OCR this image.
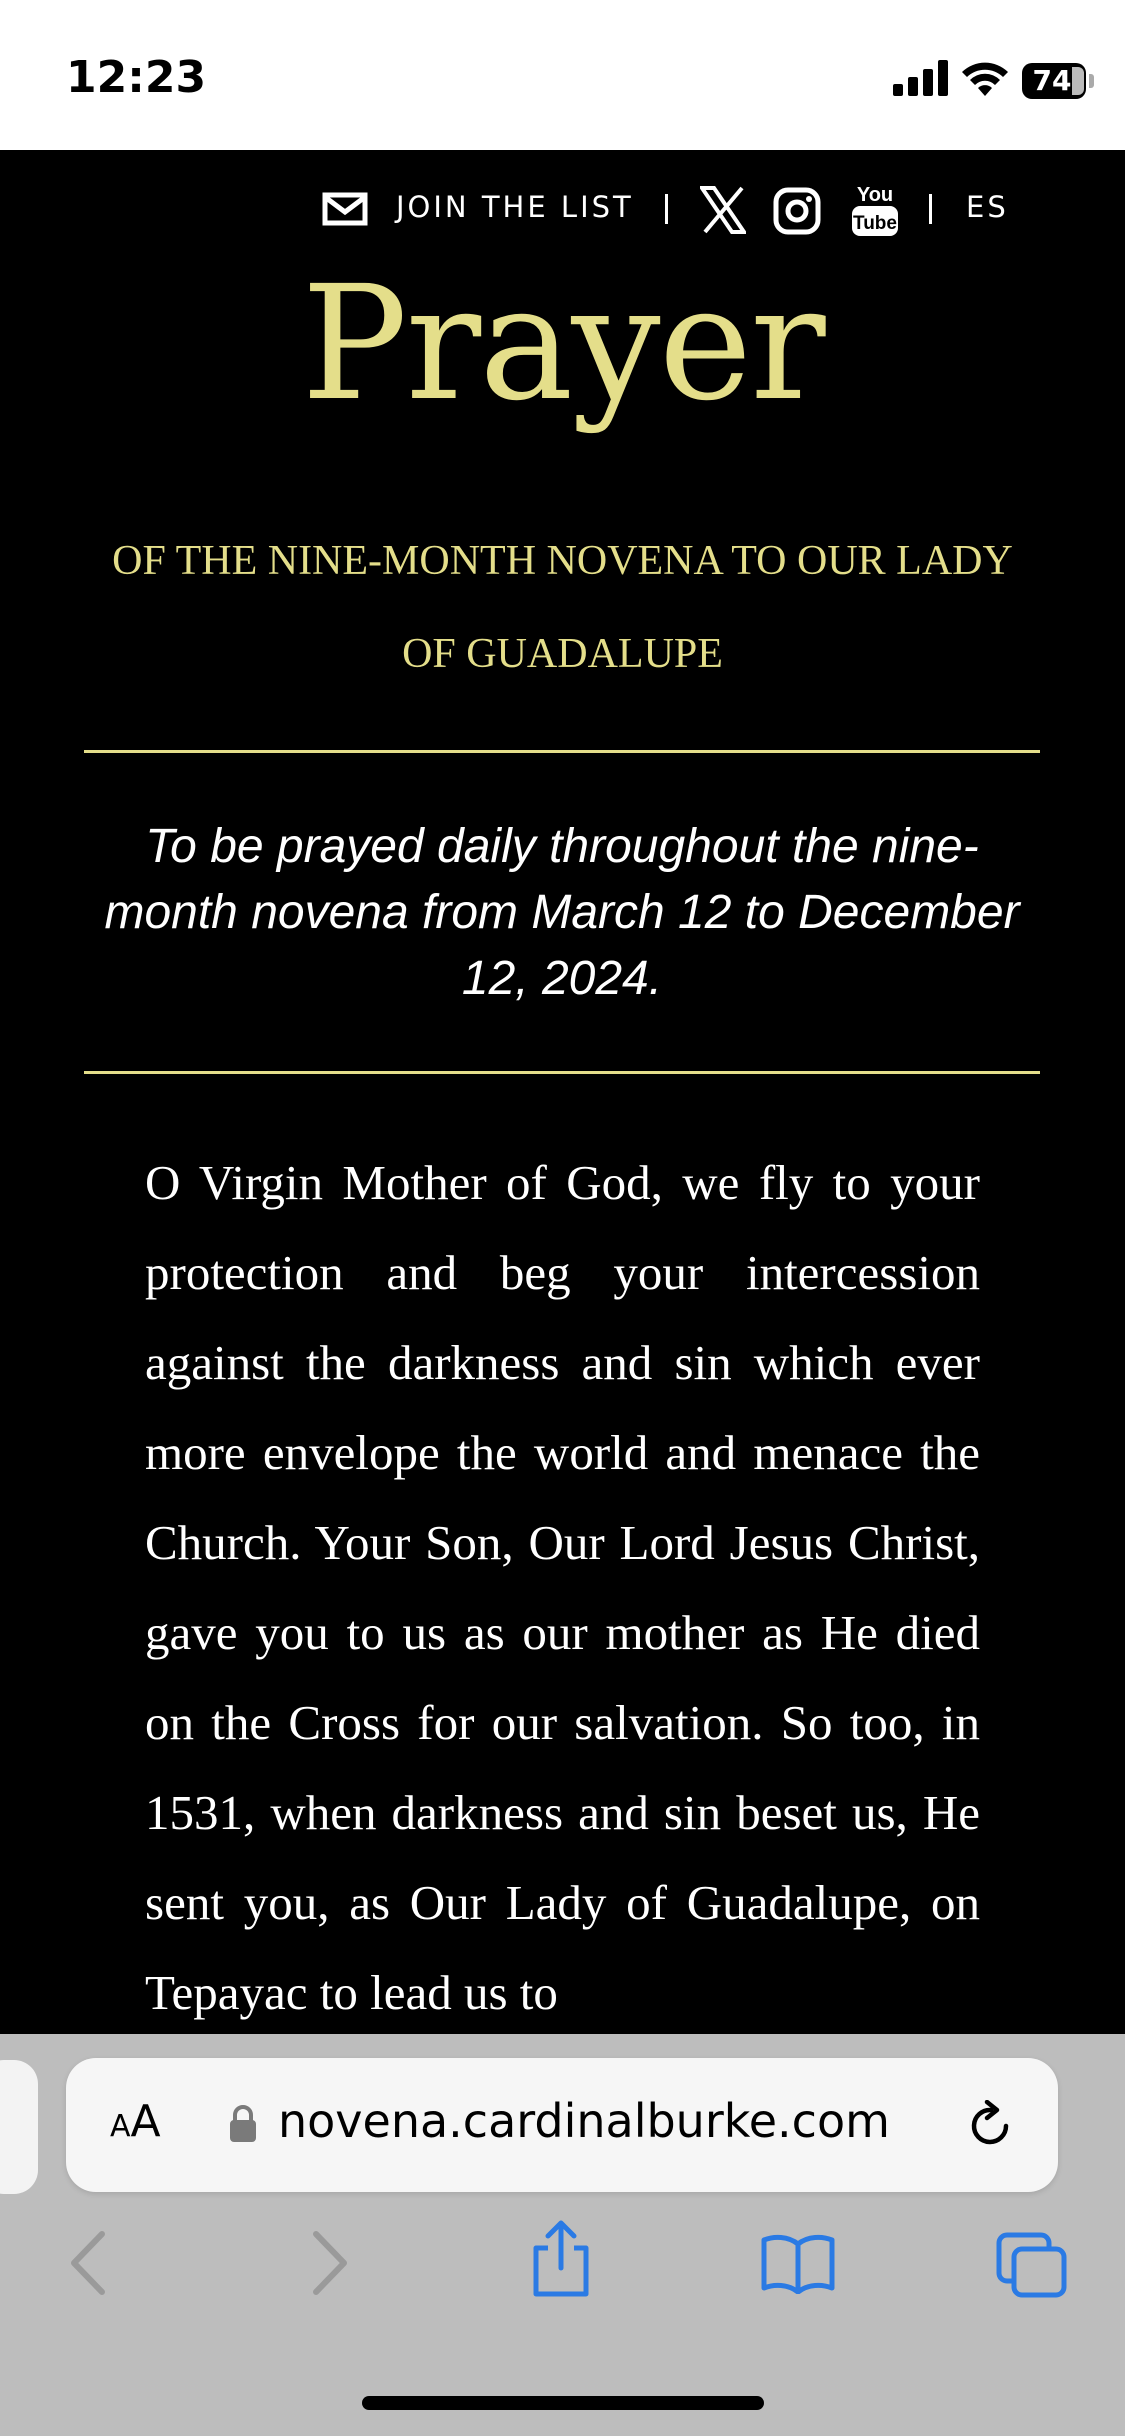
12:23	74
JOIN THE LIST	You
Tube ES
Prayer
OF THE NINE-MONTH NOVENA TO OUR LADY OF GUADALUPE
To be prayed daily throughout the nine-month novena from March 12 to December 12, 2024.
O Virgin Mother of God, we fly to your protection and beg your intercession against the darkness and sin which ever more envelope the world and menace the Church. Your Son, Our Lord Jesus Christ, gave you to us as our mother as He died on the Cross for our salvation. So too, in 1531, when darkness and sin beset us, He sent you, as Our Lady of Guadalupe, on Tepayac to lead us to
AA	novena.cardinalburke.com
